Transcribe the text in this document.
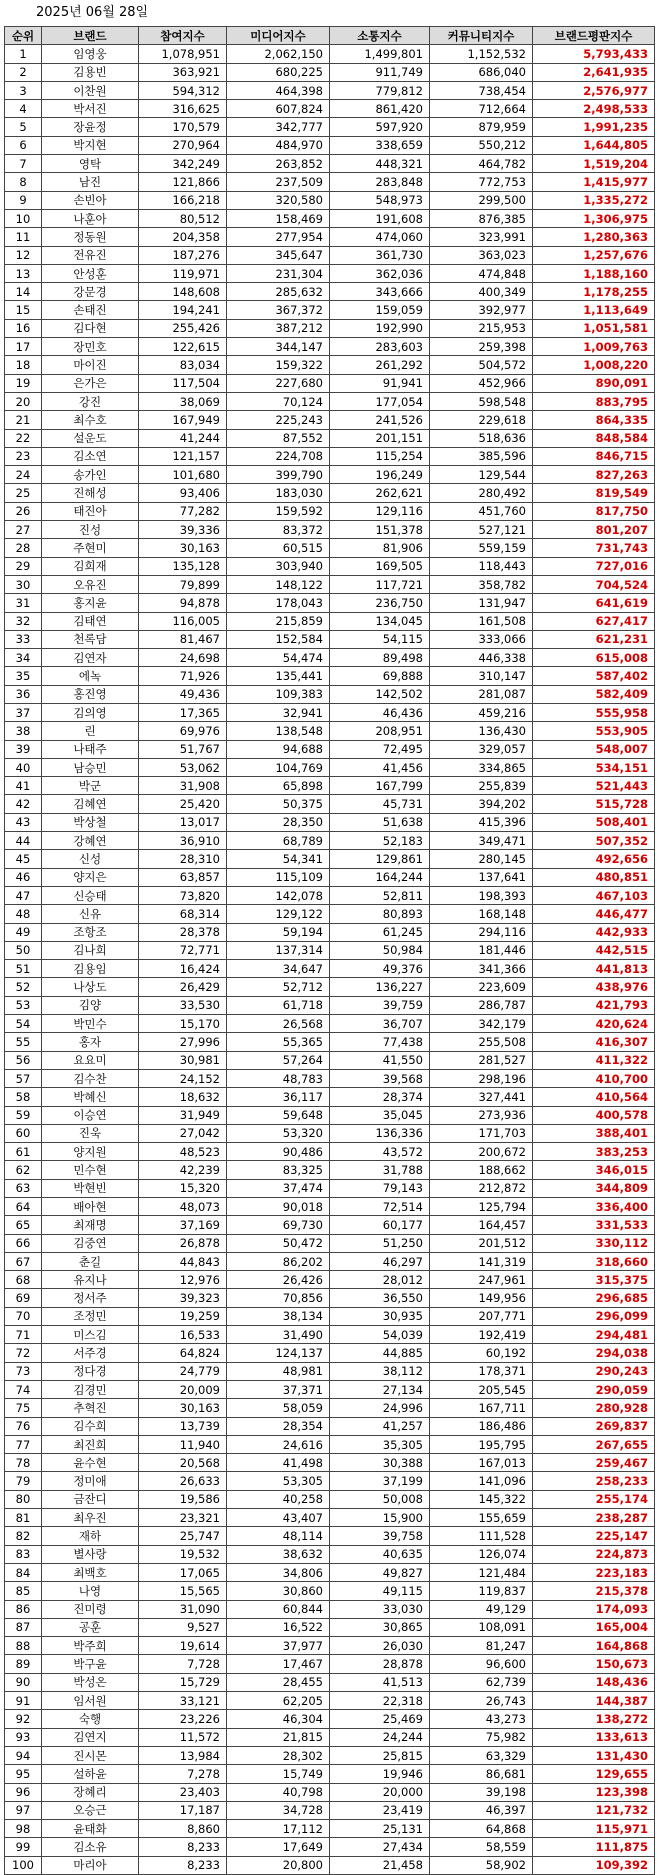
2025년 06월 28일
순위	브랜드	참여지수	미디어지수	소통지수	커뮤니티지수	브랜드평판지수
1	임영웅	1,078,951	2,062,150	1,499,801	1,152,532	5,793,433
2	김용빈	363,921	680,225	911,749	686,040	2,641,935
3	이찬원	594,312	464,398	779,812	738,454	2,576,977
4	박서진	316,625	607,824	861,420	712,664	2,498,533
5	장윤정	170,579	342,777	597,920	879,959	1,991,235
6	박지현	270,964	484,970	338,659	550,212	1,644,805
7	영탁	342,249	263,852	448,321	464,782	1,519,204
8	남진	121,866	237,509	283,848	772,753	1,415,977
9	손빈아	166,218	320,580	548,973	299,500	1,335,272
10	나훈아	80,512	158,469	191,608	876,385	1,306,975
11	정동원	204,358	277,954	474,060	323,991	1,280,363
12	전유진	187,276	345,647	361,730	363,023	1,257,676
13	안성훈	119,971	231,304	362,036	474,848	1,188,160
14	강문경	148,608	285,632	343,666	400,349	1,178,255
15	손태진	194,241	367,372	159,059	392,977	1,113,649
16	김다현	255,426	387,212	192,990	215,953	1,051,581
17	장민호	122,615	344,147	283,603	259,398	1,009,763
18	마이진	83,034	159,322	261,292	504,572	1,008,220
19	은가은	117,504	227,680	91,941	452,966	890,091
20	강진	38,069	70,124	177,054	598,548	883,795
21	최수호	167,949	225,243	241,526	229,618	864,335
22	설운도	41,244	87,552	201,151	518,636	848,584
23	김소연	121,157	224,708	115,254	385,596	846,715
24	송가인	101,680	399,790	196,249	129,544	827,263
25	진해성	93,406	183,030	262,621	280,492	819,549
26	태진아	77,282	159,592	129,116	451,760	817,750
27	진성	39,336	83,372	151,378	527,121	801,207
28	주현미	30,163	60,515	81,906	559,159	731,743
29	김희재	135,128	303,940	169,505	118,443	727,016
30	오유진	79,899	148,122	117,721	358,782	704,524
31	홍지윤	94,878	178,043	236,750	131,947	641,619
32	김태연	116,005	215,859	134,045	161,508	627,417
33	천록담	81,467	152,584	54,115	333,066	621,231
34	김연자	24,698	54,474	89,498	446,338	615,008
35	에녹	71,926	135,441	69,888	310,147	587,402
36	홍진영	49,436	109,383	142,502	281,087	582,409
37	김의영	17,365	32,941	46,436	459,216	555,958
38	린	69,976	138,548	208,951	136,430	553,905
39	나태주	51,767	94,688	72,495	329,057	548,007
40	남승민	53,062	104,769	41,456	334,865	534,151
41	박군	31,908	65,898	167,799	255,839	521,443
42	김혜연	25,420	50,375	45,731	394,202	515,728
43	박상철	13,017	28,350	51,638	415,396	508,401
44	강혜연	36,910	68,789	52,183	349,471	507,352
45	신성	28,310	54,341	129,861	280,145	492,656
46	양지은	63,857	115,109	164,244	137,641	480,851
47	신승태	73,820	142,078	52,811	198,393	467,103
48	신유	68,314	129,122	80,893	168,148	446,477
49	조항조	28,378	59,194	61,245	294,116	442,933
50	김나희	72,771	137,314	50,984	181,446	442,515
51	김용임	16,424	34,647	49,376	341,366	441,813
52	나상도	26,429	52,712	136,227	223,609	438,976
53	김양	33,530	61,718	39,759	286,787	421,793
54	박민수	15,170	26,568	36,707	342,179	420,624
55	홍자	27,996	55,365	77,438	255,508	416,307
56	요요미	30,981	57,264	41,550	281,527	411,322
57	김수찬	24,152	48,783	39,568	298,196	410,700
58	박혜신	18,632	36,117	28,374	327,441	410,564
59	이승연	31,949	59,648	35,045	273,936	400,578
60	진욱	27,042	53,320	136,336	171,703	388,401
61	양지원	48,523	90,486	43,572	200,672	383,253
62	민수현	42,239	83,325	31,788	188,662	346,015
63	박현빈	15,320	37,474	79,143	212,872	344,809
64	배아현	48,073	90,018	72,514	125,794	336,400
65	최재명	37,169	69,730	60,177	164,457	331,533
66	김중연	26,878	50,472	51,250	201,512	330,112
67	춘길	44,843	86,202	46,297	141,319	318,660
68	유지나	12,976	26,426	28,012	247,961	315,375
69	정서주	39,323	70,856	36,550	149,956	296,685
70	조정민	19,259	38,134	30,935	207,771	296,099
71	미스김	16,533	31,490	54,039	192,419	294,481
72	서주경	64,824	124,137	44,885	60,192	294,038
73	정다경	24,779	48,981	38,112	178,371	290,243
74	김경민	20,009	37,371	27,134	205,545	290,059
75	추혁진	30,163	58,059	24,996	167,711	280,928
76	김수희	13,739	28,354	41,257	186,486	269,837
77	최진희	11,940	24,616	35,305	195,795	267,655
78	윤수현	20,568	41,498	30,388	167,013	259,467
79	정미애	26,633	53,305	37,199	141,096	258,233
80	금잔디	19,586	40,258	50,008	145,322	255,174
81	최우진	23,321	43,407	15,900	155,659	238,287
82	재하	25,747	48,114	39,758	111,528	225,147
83	별사랑	19,532	38,632	40,635	126,074	224,873
84	최백호	17,065	34,806	49,827	121,484	223,183
85	나영	15,565	30,860	49,115	119,837	215,378
86	진미령	31,090	60,844	33,030	49,129	174,093
87	공훈	9,527	16,522	30,865	108,091	165,004
88	박주희	19,614	37,977	26,030	81,247	164,868
89	박구윤	7,728	17,467	28,878	96,600	150,673
90	박성온	15,729	28,455	41,513	62,739	148,436
91	임서원	33,121	62,205	22,318	26,743	144,387
92	숙행	23,226	46,304	25,469	43,273	138,272
93	김연지	11,572	21,815	24,244	75,982	133,613
94	진시몬	13,984	28,302	25,815	63,329	131,430
95	설하윤	7,278	15,749	19,946	86,681	129,655
96	장혜리	23,403	40,798	20,000	39,198	123,398
97	오승근	17,187	34,728	23,419	46,397	121,732
98	윤태화	8,860	17,112	25,131	64,868	115,971
99	김소유	8,233	17,649	27,434	58,559	111,875
100	마리아	8,233	20,800	21,458	58,902	109,392
